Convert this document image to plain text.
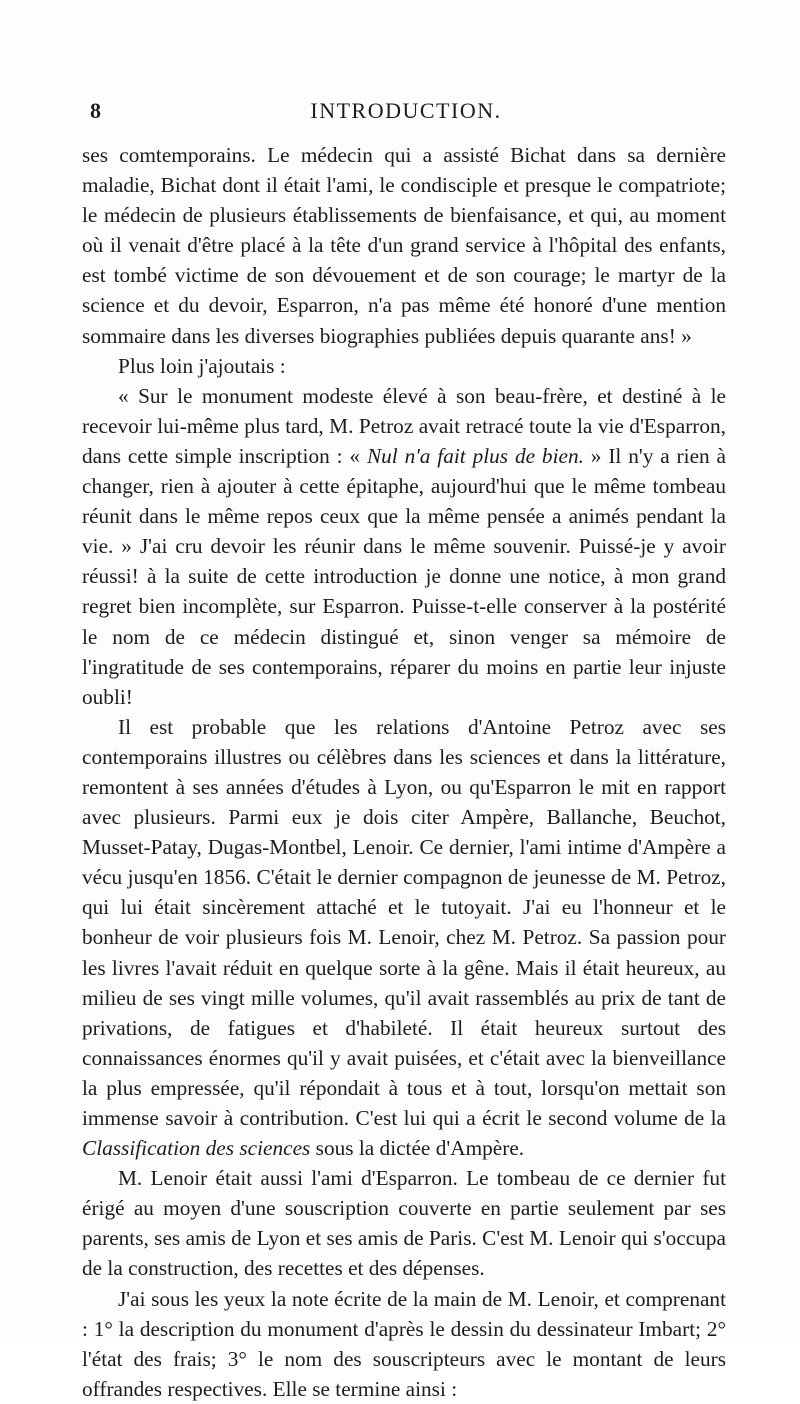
8	INTRODUCTION.

ses comtemporains. Le médecin qui a assisté Bichat dans sa dernière maladie, Bichat dont il était l'ami, le condisciple et presque le compatriote; le médecin de plusieurs établissements de bienfaisance, et qui, au moment où il venait d'être placé à la tête d'un grand service à l'hôpital des enfants, est tombé victime de son dévouement et de son courage; le martyr de la science et du devoir, Esparron, n'a pas même été honoré d'une mention sommaire dans les diverses biographies publiées depuis quarante ans! »

Plus loin j'ajoutais :

« Sur le monument modeste élevé à son beau-frère, et destiné à le recevoir lui-même plus tard, M. Petroz avait retracé toute la vie d'Esparron, dans cette simple inscription : « Nul n'a fait plus de bien. » Il n'y a rien à changer, rien à ajouter à cette épitaphe, aujourd'hui que le même tombeau réunit dans le même repos ceux que la même pensée a animés pendant la vie. » J'ai cru devoir les réunir dans le même souvenir. Puissé-je y avoir réussi! à la suite de cette introduction je donne une notice, à mon grand regret bien incomplète, sur Esparron. Puisse-t-elle conserver à la postérité le nom de ce médecin distingué et, sinon venger sa mémoire de l'ingratitude de ses contemporains, réparer du moins en partie leur injuste oubli!

Il est probable que les relations d'Antoine Petroz avec ses contemporains illustres ou célèbres dans les sciences et dans la littérature, remontent à ses années d'études à Lyon, ou qu'Esparron le mit en rapport avec plusieurs. Parmi eux je dois citer Ampère, Ballanche, Beuchot, Musset-Patay, Dugas-Montbel, Lenoir. Ce dernier, l'ami intime d'Ampère a vécu jusqu'en 1856. C'était le dernier compagnon de jeunesse de M. Petroz, qui lui était sincèrement attaché et le tutoyait. J'ai eu l'honneur et le bonheur de voir plusieurs fois M. Lenoir, chez M. Petroz. Sa passion pour les livres l'avait réduit en quelque sorte à la gêne. Mais il était heureux, au milieu de ses vingt mille volumes, qu'il avait rassemblés au prix de tant de privations, de fatigues et d'habileté. Il était heureux surtout des connaissances énormes qu'il y avait puisées, et c'était avec la bienveillance la plus empressée, qu'il répondait à tous et à tout, lorsqu'on mettait son immense savoir à contribution. C'est lui qui a écrit le second volume de la Classification des sciences sous la dictée d'Ampère.

M. Lenoir était aussi l'ami d'Esparron. Le tombeau de ce dernier fut érigé au moyen d'une souscription couverte en partie seulement par ses parents, ses amis de Lyon et ses amis de Paris. C'est M. Lenoir qui s'occupa de la construction, des recettes et des dépenses.

J'ai sous les yeux la note écrite de la main de M. Lenoir, et comprenant : 1° la description du monument d'après le dessin du dessinateur Imbart; 2° l'état des frais; 3° le nom des souscripteurs avec le montant de leurs offrandes respectives. Elle se termine ainsi :
